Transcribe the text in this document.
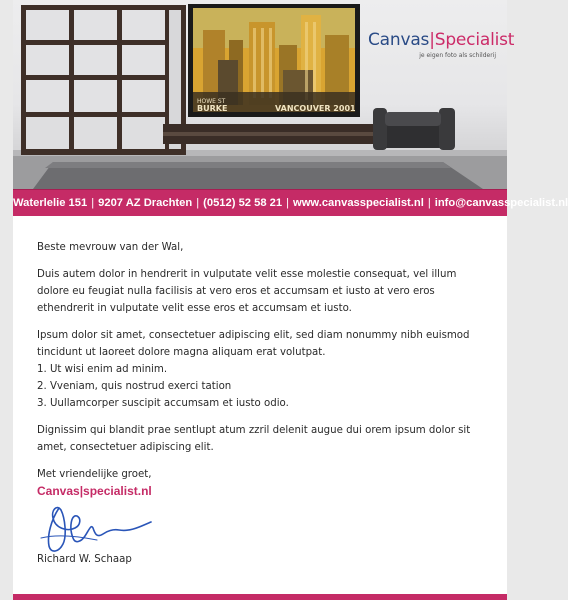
HOWE ST
BURKE	VANCOUVER 2001
Canvas|Specialist
je eigen foto als schilderij
Waterlelie 151 | 9207 AZ Drachten | (0512) 52 58 21 | www.canvasspecialist.nl | info@canvasspecialist.nl

Beste mevrouw van der Wal,

Duis autem dolor in hendrerit in vulputate velit esse molestie consequat, vel illum dolore eu feugiat nulla facilisis at vero eros et accumsam et iusto at vero eros ethendrerit in vulputate velit esse eros et accumsam et iusto.

Ipsum dolor sit amet, consectetuer adipiscing elit, sed diam nonummy nibh euismod tincidunt ut laoreet dolore magna aliquam erat volutpat.
1. Ut wisi enim ad minim.
2. Vveniam, quis nostrud exerci tation
3. Uullamcorper suscipit accumsam et iusto odio.

Dignissim qui blandit prae sentlupt atum zzril delenit augue dui orem ipsum dolor sit amet, consectetuer adipiscing elit.

Met vriendelijke groet,
Canvas|specialist.nl
Richard W. Schaap
